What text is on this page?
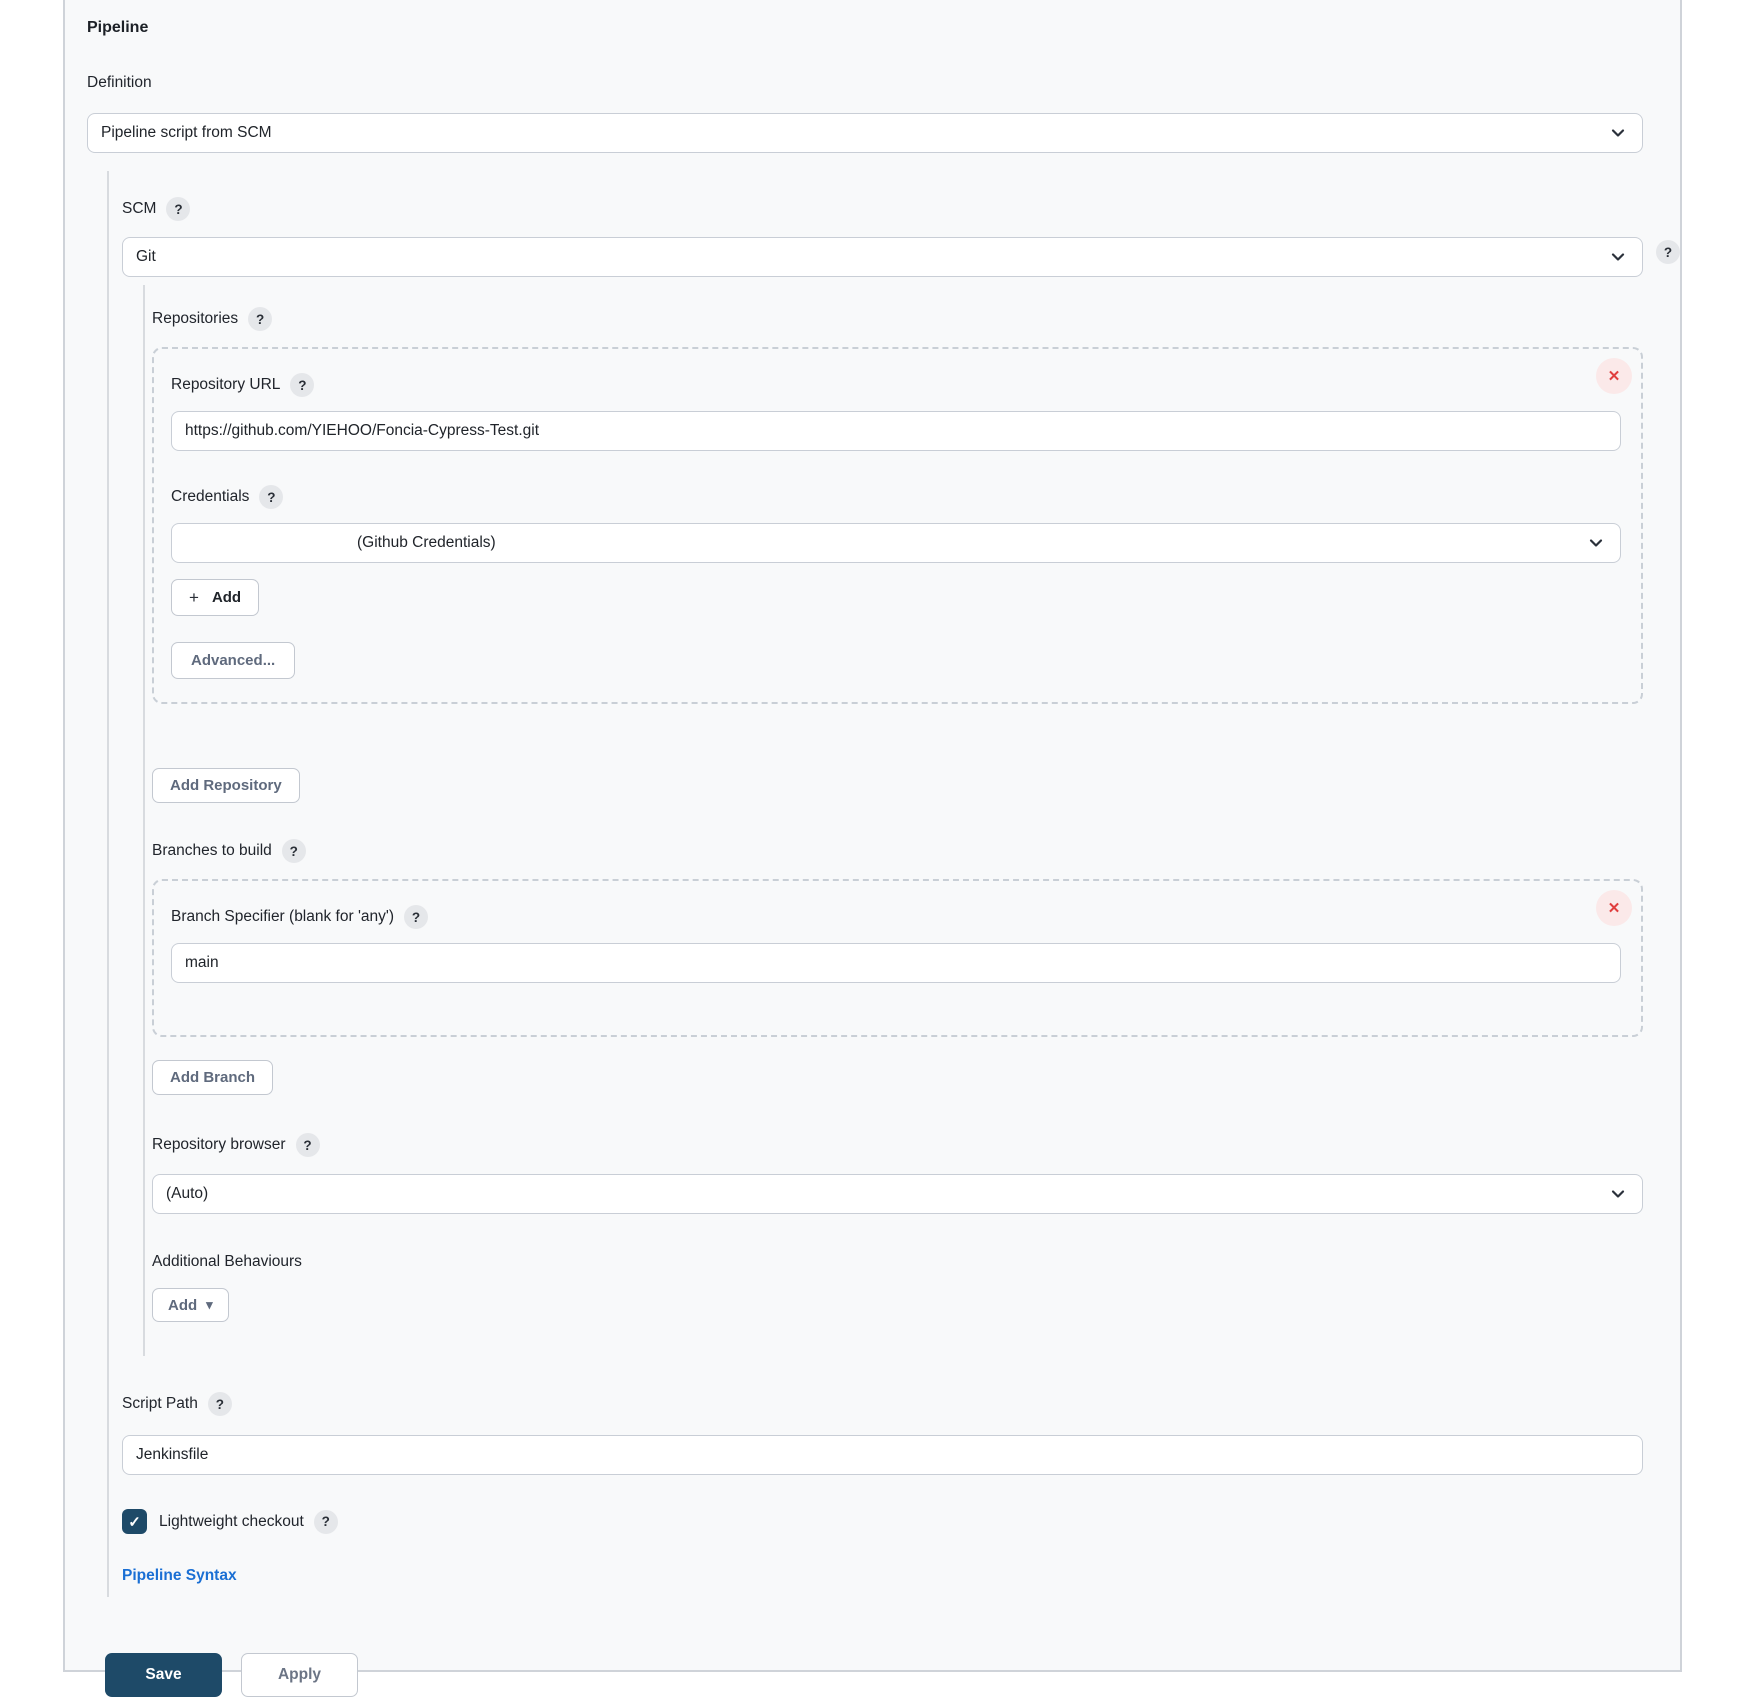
Pipeline
Definition
Pipeline script from SCM
SCM	?
Git	?
Repositories	?
✕
Repository URL	?
https://github.com/YIEHOO/Foncia-Cypress-Test.git
Credentials	?
(Github Credentials)
+ Add
Advanced...
Add Repository
Branches to build	?
✕
Branch Specifier (blank for 'any')	?
main
Add Branch
Repository browser	?
(Auto)
Additional Behaviours
Add ▾
Script Path	?
Jenkinsfile
✓ Lightweight checkout	?
Pipeline Syntax
Save	Apply
